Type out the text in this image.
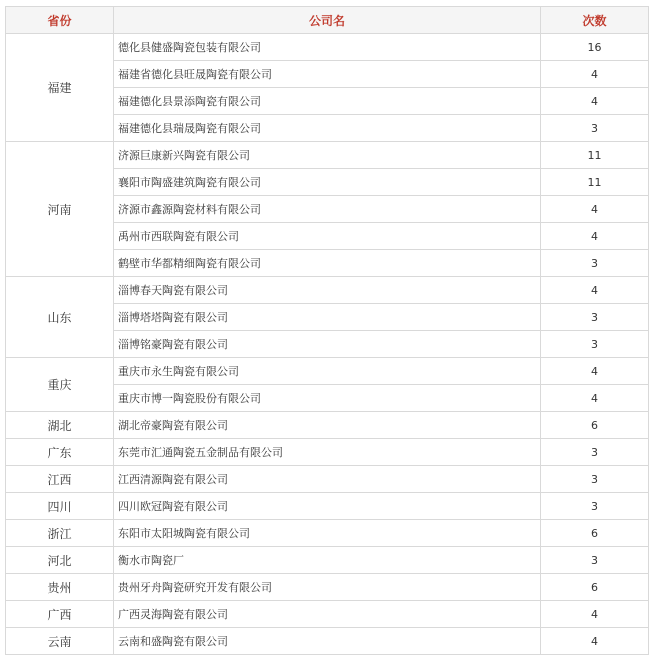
省份	公司名	次数
福建	德化县健盛陶瓷包装有限公司	16
	福建省德化县旺晟陶瓷有限公司	4
	福建德化县景添陶瓷有限公司	4
	福建德化县瑞晟陶瓷有限公司	3
河南	济源巨康新兴陶瓷有限公司	11
	襄阳市陶盛建筑陶瓷有限公司	11
	济源市鑫源陶瓷材料有限公司	4
	禹州市西联陶瓷有限公司	4
	鹤壁市华都精细陶瓷有限公司	3
山东	淄博春天陶瓷有限公司	4
	淄博塔塔陶瓷有限公司	3
	淄博铭豪陶瓷有限公司	3
重庆	重庆市永生陶瓷有限公司	4
	重庆市博一陶瓷股份有限公司	4
湖北	湖北帝豪陶瓷有限公司	6
广东	东莞市汇通陶瓷五金制品有限公司	3
江西	江西清源陶瓷有限公司	3
四川	四川欧冠陶瓷有限公司	3
浙江	东阳市太阳城陶瓷有限公司	6
河北	衡水市陶瓷厂	3
贵州	贵州牙舟陶瓷研究开发有限公司	6
广西	广西灵海陶瓷有限公司	4
云南	云南和盛陶瓷有限公司	4
